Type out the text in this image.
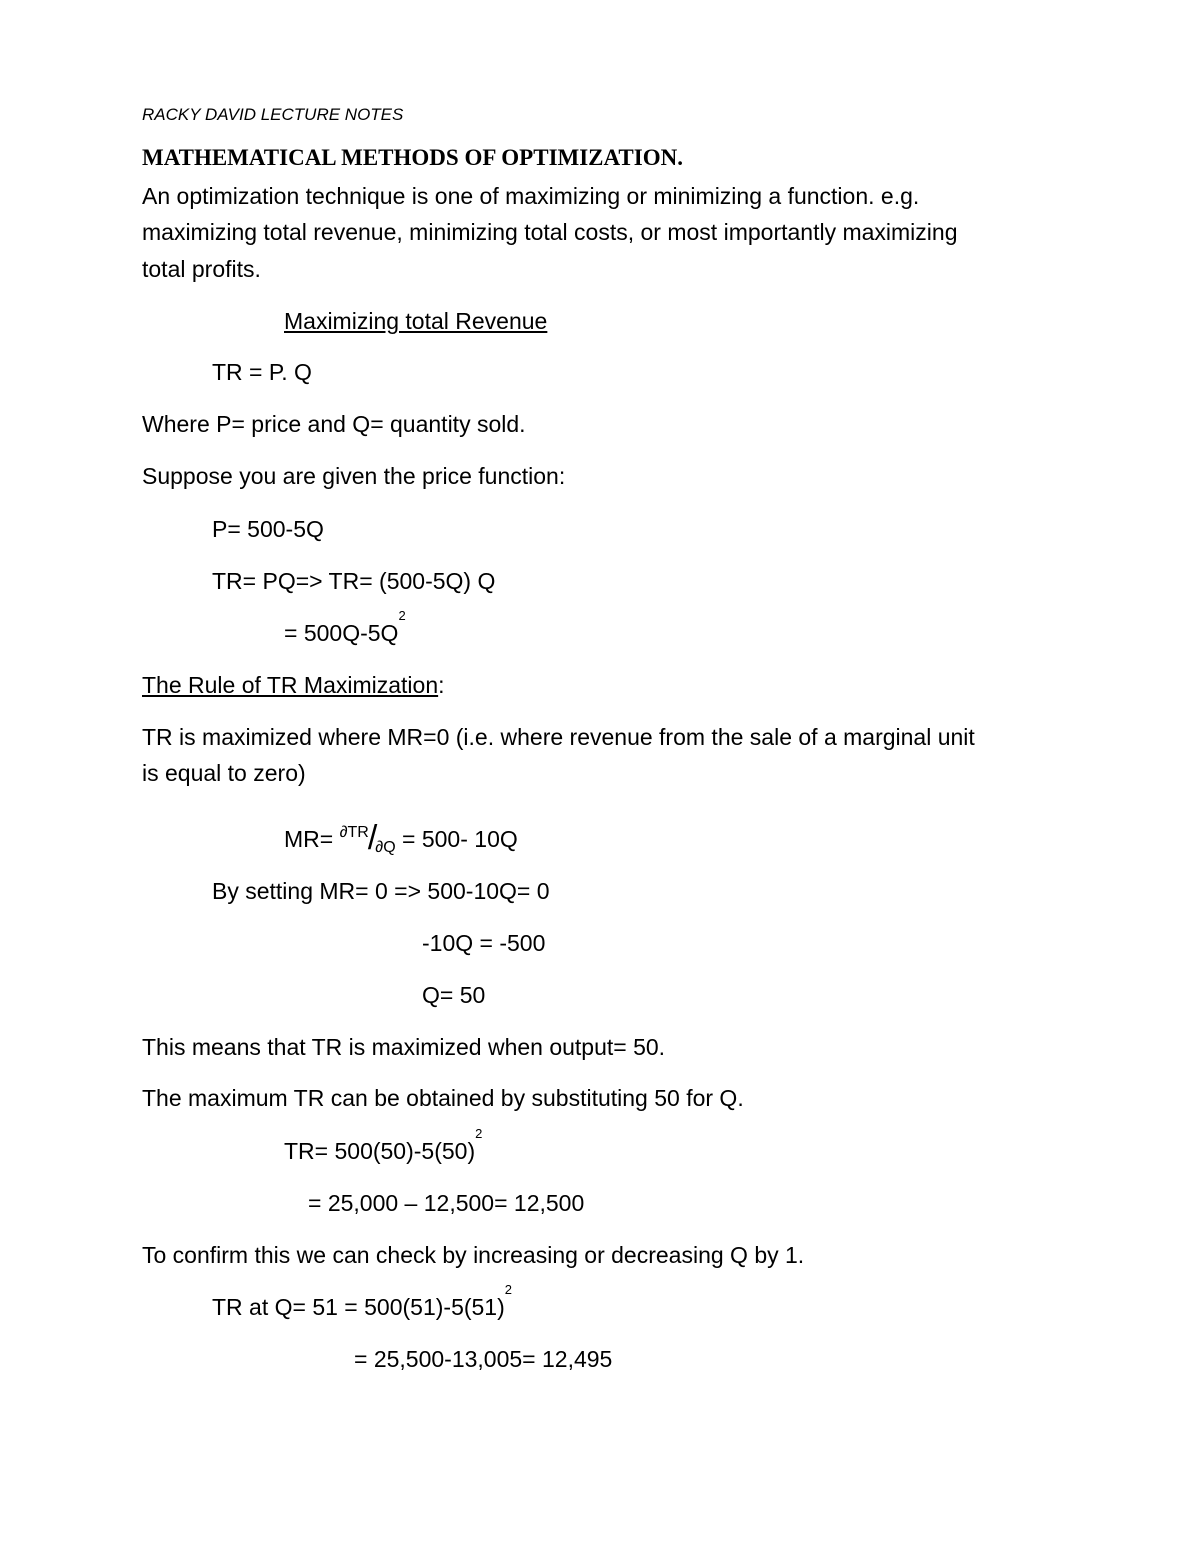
RACKY DAVID LECTURE NOTES
MATHEMATICAL METHODS OF OPTIMIZATION.
An optimization technique is one of maximizing or minimizing a function. e.g.
maximizing total revenue, minimizing total costs, or most importantly maximizing
total profits.
Maximizing total Revenue
TR = P. Q
Where P= price and Q= quantity sold.
Suppose you are given the price function:
P= 500-5Q
TR= PQ=> TR= (500-5Q) Q
= $500Q-5Q^2$
The Rule of TR Maximization:
TR is maximized where MR=0 (i.e. where revenue from the sale of a marginal unit
is equal to zero)
$MR= ^{\partial TR}/_{\partial Q} = 500-$ 10Q
By setting MR= 0 => 500-10Q= 0
-10Q = -500
Q= 50
This means that TR is maximized when output= 50.
The maximum TR can be obtained by substituting 50 for Q.
$TR= 500(50)-5(50)^2$
= 25,000 – 12,500= 12,500
To confirm this we can check by increasing or decreasing Q by 1.
TR at $Q= 51 = 500(51)-5(51)^2$
= 25,500-13,005= 12,495
